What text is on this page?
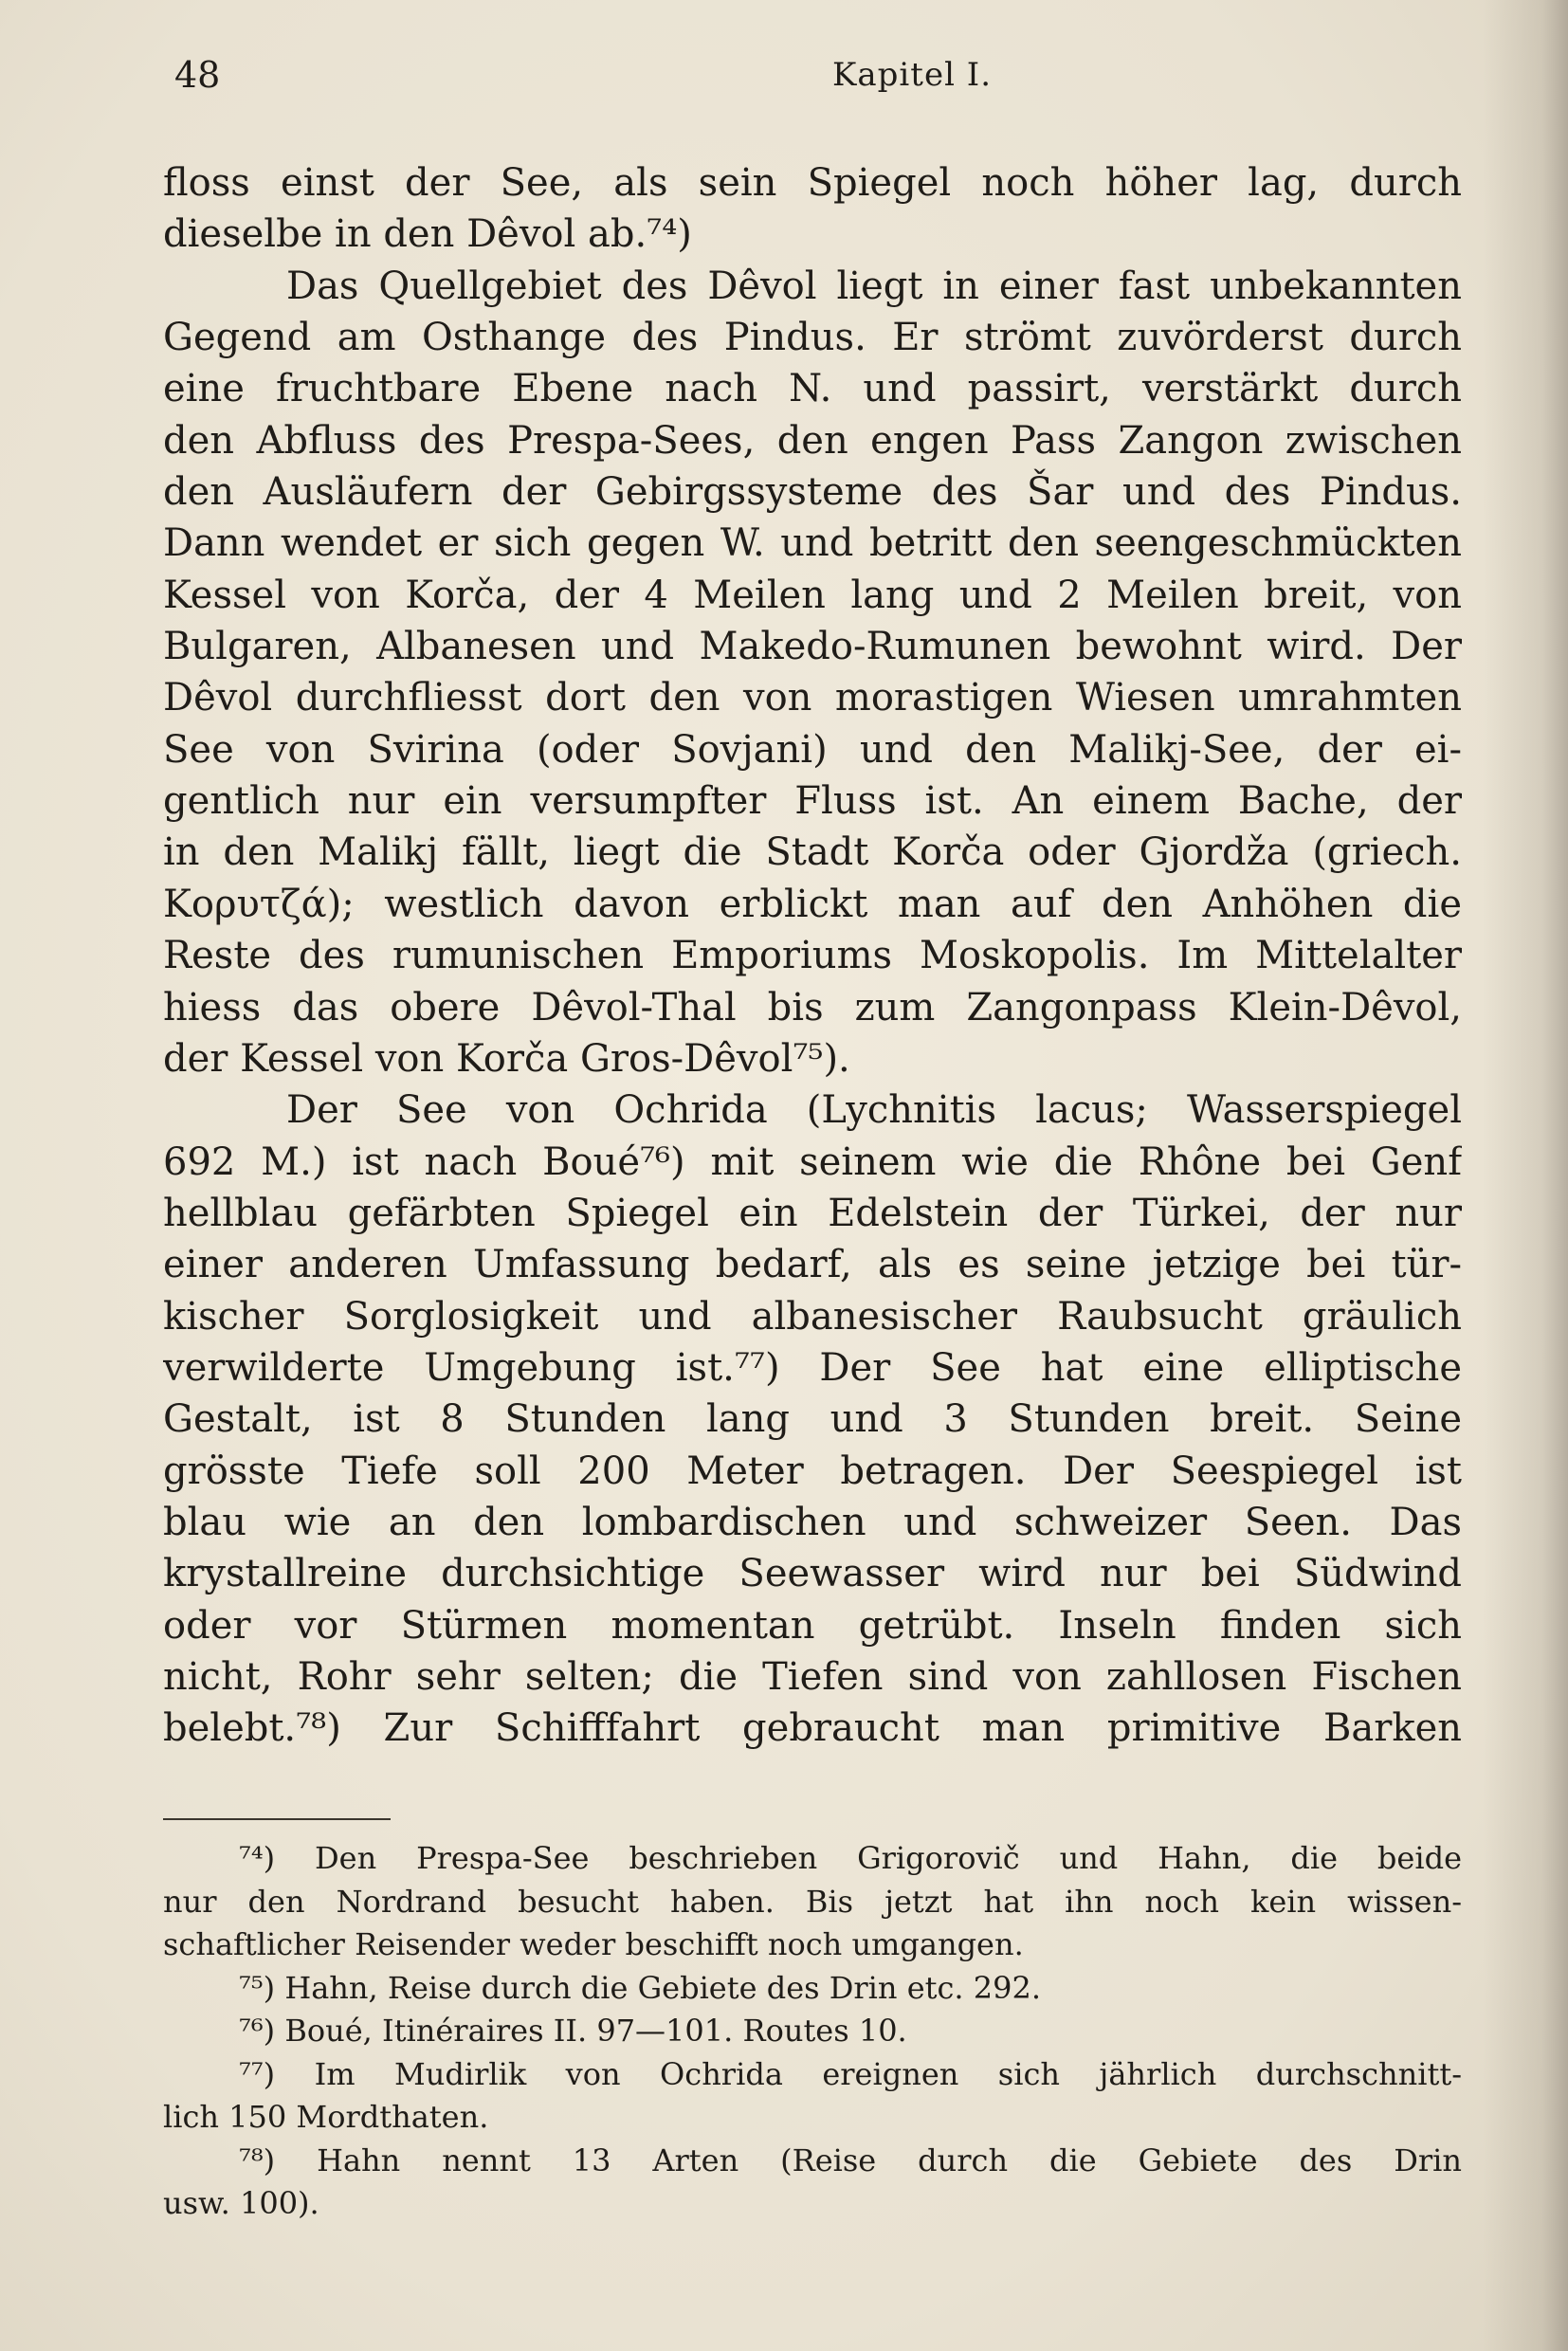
48	Kapitel I.
floss einst der See, als sein Spiegel noch höher lag, durch
dieselbe in den Dêvol ab.⁷⁴)
Das Quellgebiet des Dêvol liegt in einer fast unbekannten
Gegend am Osthange des Pindus. Er strömt zuvörderst durch
eine fruchtbare Ebene nach N. und passirt, verstärkt durch
den Abfluss des Prespa-Sees, den engen Pass Zangon zwischen
den Ausläufern der Gebirgssysteme des Šar und des Pindus.
Dann wendet er sich gegen W. und betritt den seengeschmückten
Kessel von Korča, der 4 Meilen lang und 2 Meilen breit, von
Bulgaren, Albanesen und Makedo-Rumunen bewohnt wird. Der
Dêvol durchfliesst dort den von morastigen Wiesen umrahmten
See von Svirina (oder Sovjani) und den Malikj-See, der ei-
gentlich nur ein versumpfter Fluss ist. An einem Bache, der
in den Malikj fällt, liegt die Stadt Korča oder Gjordža (griech.
Κορυτζά); westlich davon erblickt man auf den Anhöhen die
Reste des rumunischen Emporiums Moskopolis. Im Mittelalter
hiess das obere Dêvol-Thal bis zum Zangonpass Klein-Dêvol,
der Kessel von Korča Gros-Dêvol⁷⁵).
Der See von Ochrida (Lychnitis lacus; Wasserspiegel
692 M.) ist nach Boué⁷⁶) mit seinem wie die Rhône bei Genf
hellblau gefärbten Spiegel ein Edelstein der Türkei, der nur
einer anderen Umfassung bedarf, als es seine jetzige bei tür-
kischer Sorglosigkeit und albanesischer Raubsucht gräulich
verwilderte Umgebung ist.⁷⁷) Der See hat eine elliptische
Gestalt, ist 8 Stunden lang und 3 Stunden breit. Seine
grösste Tiefe soll 200 Meter betragen. Der Seespiegel ist
blau wie an den lombardischen und schweizer Seen. Das
krystallreine durchsichtige Seewasser wird nur bei Südwind
oder vor Stürmen momentan getrübt. Inseln finden sich
nicht, Rohr sehr selten; die Tiefen sind von zahllosen Fischen
belebt.⁷⁸) Zur Schifffahrt gebraucht man primitive Barken
⁷⁴) Den Prespa-See beschrieben Grigorovič und Hahn, die beide
nur den Nordrand besucht haben. Bis jetzt hat ihn noch kein wissen-
schaftlicher Reisender weder beschifft noch umgangen.
⁷⁵) Hahn, Reise durch die Gebiete des Drin etc. 292.
⁷⁶) Boué, Itinéraires II. 97—101. Routes 10.
⁷⁷) Im Mudirlik von Ochrida ereignen sich jährlich durchschnitt-
lich 150 Mordthaten.
⁷⁸) Hahn nennt 13 Arten (Reise durch die Gebiete des Drin
usw. 100).
